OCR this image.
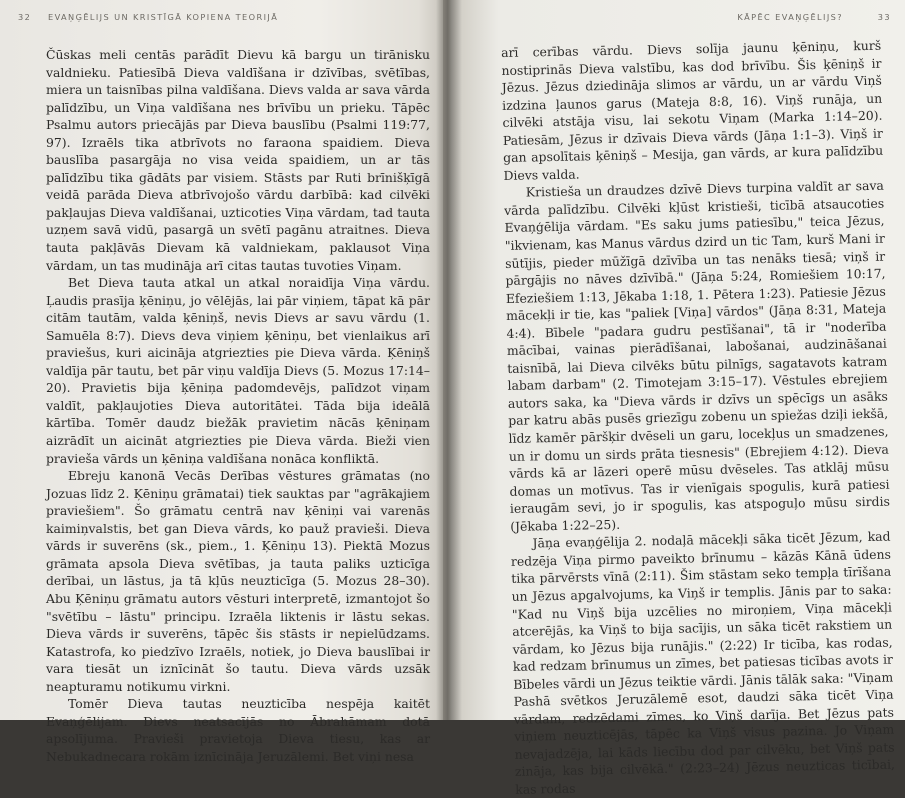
32 EVAŅĢĒLIJS UN KRISTĪGĀ KOPIENA TEORIJĀ

Čūskas meli centās parādīt Dievu kā bargu un tirānisku valdnieku. Patiesībā Dieva valdīšana ir dzīvības, svētības, miera un taisnības pilna valdīšana. Dievs valda ar sava vārda palīdzību, un Viņa valdīšana nes brīvību un prieku. Tāpēc Psalmu autors priecājās par Dieva bauslību (Psalmi 119:77, 97). Izraēls tika atbrīvots no faraona spaidiem. Dieva bauslība pasargāja no visa veida spaidiem, un ar tās palīdzību tika gādāts par visiem. Stāsts par Ruti brīnišķīgā veidā parāda Dieva atbrīvojošo vārdu darbībā: kad cilvēki pakļaujas Dieva valdīšanai, uzticoties Viņa vārdam, tad tauta uzņem savā vidū, pasargā un svētī pagānu atraitnes. Dieva tauta pakļāvās Dievam kā valdniekam, paklausot Viņa vārdam, un tas mudināja arī citas tautas tuvoties Viņam.

Bet Dieva tauta atkal un atkal noraidīja Viņa vārdu. Ļaudis prasīja ķēniņu, jo vēlējās, lai pār viņiem, tāpat kā pār citām tautām, valda ķēniņš, nevis Dievs ar savu vārdu (1. Samuēla 8:7). Dievs deva viņiem ķēniņu, bet vienlaikus arī praviešus, kuri aicināja atgriezties pie Dieva vārda. Ķēniņš valdīja pār tautu, bet pār viņu valdīja Dievs (5. Mozus 17:14–20). Pravietis bija ķēniņa padomdevējs, palīdzot viņam valdīt, pakļaujoties Dieva autoritātei. Tāda bija ideālā kārtība. Tomēr daudz biežāk pravietim nācās ķēniņam aizrādīt un aicināt atgriezties pie Dieva vārda. Bieži vien pravieša vārds un ķēniņa valdīšana nonāca konfliktā.

Ebreju kanonā Vecās Derības vēstures grāmatas (no Jozuas līdz 2. Ķēniņu grāmatai) tiek sauktas par "agrākajiem praviešiem". Šo grāmatu centrā nav ķēniņi vai varenās kaimiņvalstis, bet gan Dieva vārds, ko pauž pravieši. Dieva vārds ir suverēns (sk., piem., 1. Ķēniņu 13). Piektā Mozus grāmata apsola Dieva svētības, ja tauta paliks uzticīga derībai, un lāstus, ja tā kļūs neuzticīga (5. Mozus 28–30). Abu Ķēniņu grāmatu autors vēsturi interpretē, izmantojot šo "svētību – lāstu" principu. Izraēla liktenis ir lāstu sekas. Dieva vārds ir suverēns, tāpēc šis stāsts ir nepielūdzams. Katastrofa, ko piedzīvo Izraēls, notiek, jo Dieva bauslībai ir vara tiesāt un iznīcināt šo tautu. Dieva vārds uzsāk neapturamu notikumu virkni.

Tomēr Dieva tautas neuzticība nespēja kaitēt Evaņģēlijam. Dievs neatsacījās no Ābrahāmam dotā apsolījuma. Pravieši pravietoja Dieva tiesu, kas ar Nebukadnecara rokām iznīcināja Jeruzālemi. Bet viņi nesa

KĀPĒC EVAŅĢĒLIJS?	33

arī cerības vārdu. Dievs solīja jaunu ķēniņu, kurš nostiprinās Dieva valstību, kas dod brīvību. Šis ķēniņš ir Jēzus. Jēzus dziedināja slimos ar vārdu, un ar vārdu Viņš izdzina ļaunos garus (Mateja 8:8, 16). Viņš runāja, un cilvēki atstāja visu, lai sekotu Viņam (Marka 1:14–20). Patiesām, Jēzus ir dzīvais Dieva vārds (Jāņa 1:1–3). Viņš ir gan apsolītais ķēniņš – Mesija, gan vārds, ar kura palīdzību Dievs valda.

Kristieša un draudzes dzīvē Dievs turpina valdīt ar sava vārda palīdzību. Cilvēki kļūst kristieši, ticībā atsaucoties Evaņģēlija vārdam. "Es saku jums patiesību," teica Jēzus, "ikvienam, kas Manus vārdus dzird un tic Tam, kurš Mani ir sūtījis, pieder mūžīgā dzīvība un tas nenāks tiesā; viņš ir pārgājis no nāves dzīvībā." (Jāņa 5:24, Romiešiem 10:17, Efeziešiem 1:13, Jēkaba 1:18, 1. Pētera 1:23). Patiesie Jēzus mācekļi ir tie, kas "paliek [Viņa] vārdos" (Jāņa 8:31, Mateja 4:4). Bībele "padara gudru pestīšanai", tā ir "noderība mācībai, vainas pierādīšanai, labošanai, audzināšanai taisnībā, lai Dieva cilvēks būtu pilnīgs, sagatavots katram labam darbam" (2. Timotejam 3:15–17). Vēstules ebrejiem autors saka, ka "Dieva vārds ir dzīvs un spēcīgs un asāks par katru abās pusēs griezīgu zobenu un spiežas dziļi iekšā, līdz kamēr pāršķir dvēseli un garu, locekļus un smadzenes, un ir domu un sirds prāta tiesnesis" (Ebrejiem 4:12). Dieva vārds kā ar lāzeri operē mūsu dvēseles. Tas atklāj mūsu domas un motīvus. Tas ir vienīgais spogulis, kurā patiesi ieraugām sevi, jo ir spogulis, kas atspoguļo mūsu sirdis (Jēkaba 1:22–25).

Jāņa evaņģēlija 2. nodaļā mācekļi sāka ticēt Jēzum, kad redzēja Viņa pirmo paveikto brīnumu – kāzās Kānā ūdens tika pārvērsts vīnā (2:11). Šim stāstam seko tempļa tīrīšana un Jēzus apgalvojums, ka Viņš ir templis. Jānis par to saka: "Kad nu Viņš bija uzcēlies no miroņiem, Viņa mācekļi atcerējās, ka Viņš to bija sacījis, un sāka ticēt rakstiem un vārdam, ko Jēzus bija runājis." (2:22) Ir ticība, kas rodas, kad redzam brīnumus un zīmes, bet patiesas ticības avots ir Bībeles vārdi un Jēzus teiktie vārdi. Jānis tālāk saka: "Viņam Pashā svētkos Jeruzālemē esot, daudzi sāka ticēt Viņa vārdam, redzēdami zīmes, ko Viņš darīja. Bet Jēzus pats viņiem neuzticējās, tāpēc ka Viņš visus pazina. Jo Viņam nevajadzēja, lai kāds liecību dod par cilvēku, bet Viņš pats zināja, kas bija cilvēkā." (2:23–24) Jēzus neuzticas ticībai, kas rodas
